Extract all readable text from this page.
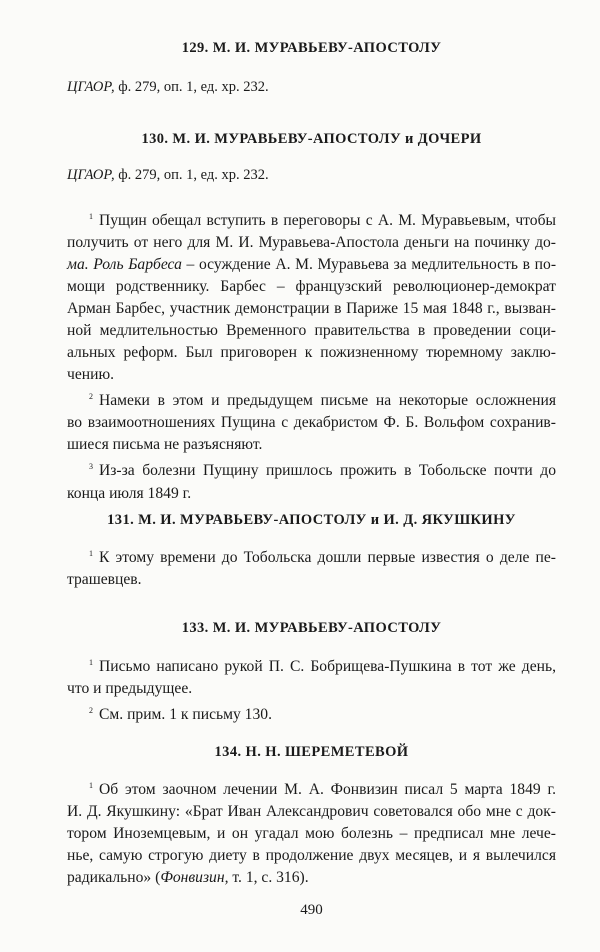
129. М. И. МУРАВЬЕВУ-АПОСТОЛУ
ЦГАОР, ф. 279, оп. 1, ед. хр. 232.
130. М. И. МУРАВЬЕВУ-АПОСТОЛУ и ДОЧЕРИ
ЦГАОР, ф. 279, оп. 1, ед. хр. 232.
$^1$ Пущин обещал вступить в переговоры с А. М. Муравьевым, чтобы
получить от него для М. И. Муравьева-Апостола деньги на починку до-
ма. Роль Барбеса – осуждение А. М. Муравьева за медлительность в по-
мощи родственнику. Барбес – французский революционер-демократ
Арман Барбес, участник демонстрации в Париже 15 мая 1848 г., вызван-
ной медлительностью Временного правительства в проведении соци-
альных реформ. Был приговорен к пожизненному тюремному заклю-
чению.
$^2$ Намеки в этом и предыдущем письме на некоторые осложнения
во взаимоотношениях Пущина с декабристом Ф. Б. Вольфом сохранив-
шиеся письма не разъясняют.
$^3$ Из-за болезни Пущину пришлось прожить в Тобольске почти до
конца июля 1849 г.
131. М. И. МУРАВЬЕВУ-АПОСТОЛУ и И. Д. ЯКУШКИНУ
$^1$ К этому времени до Тобольска дошли первые известия о деле пе-
трашевцев.
133. М. И. МУРАВЬЕВУ-АПОСТОЛУ
$^1$ Письмо написано рукой П. С. Бобрищева-Пушкина в тот же день,
что и предыдущее.
$^2$ См. прим. 1 к письму 130.
134. Н. Н. ШЕРЕМЕТЕВОЙ
$^1$ Об этом заочном лечении М. А. Фонвизин писал 5 марта 1849 г.
И. Д. Якушкину: «Брат Иван Александрович советовался обо мне с док-
тором Иноземцевым, и он угадал мою болезнь – предписал мне лече-
нье, самую строгую диету в продолжение двух месяцев, и я вылечился
радикально» (Фонвизин, т. 1, с. 316).
490
